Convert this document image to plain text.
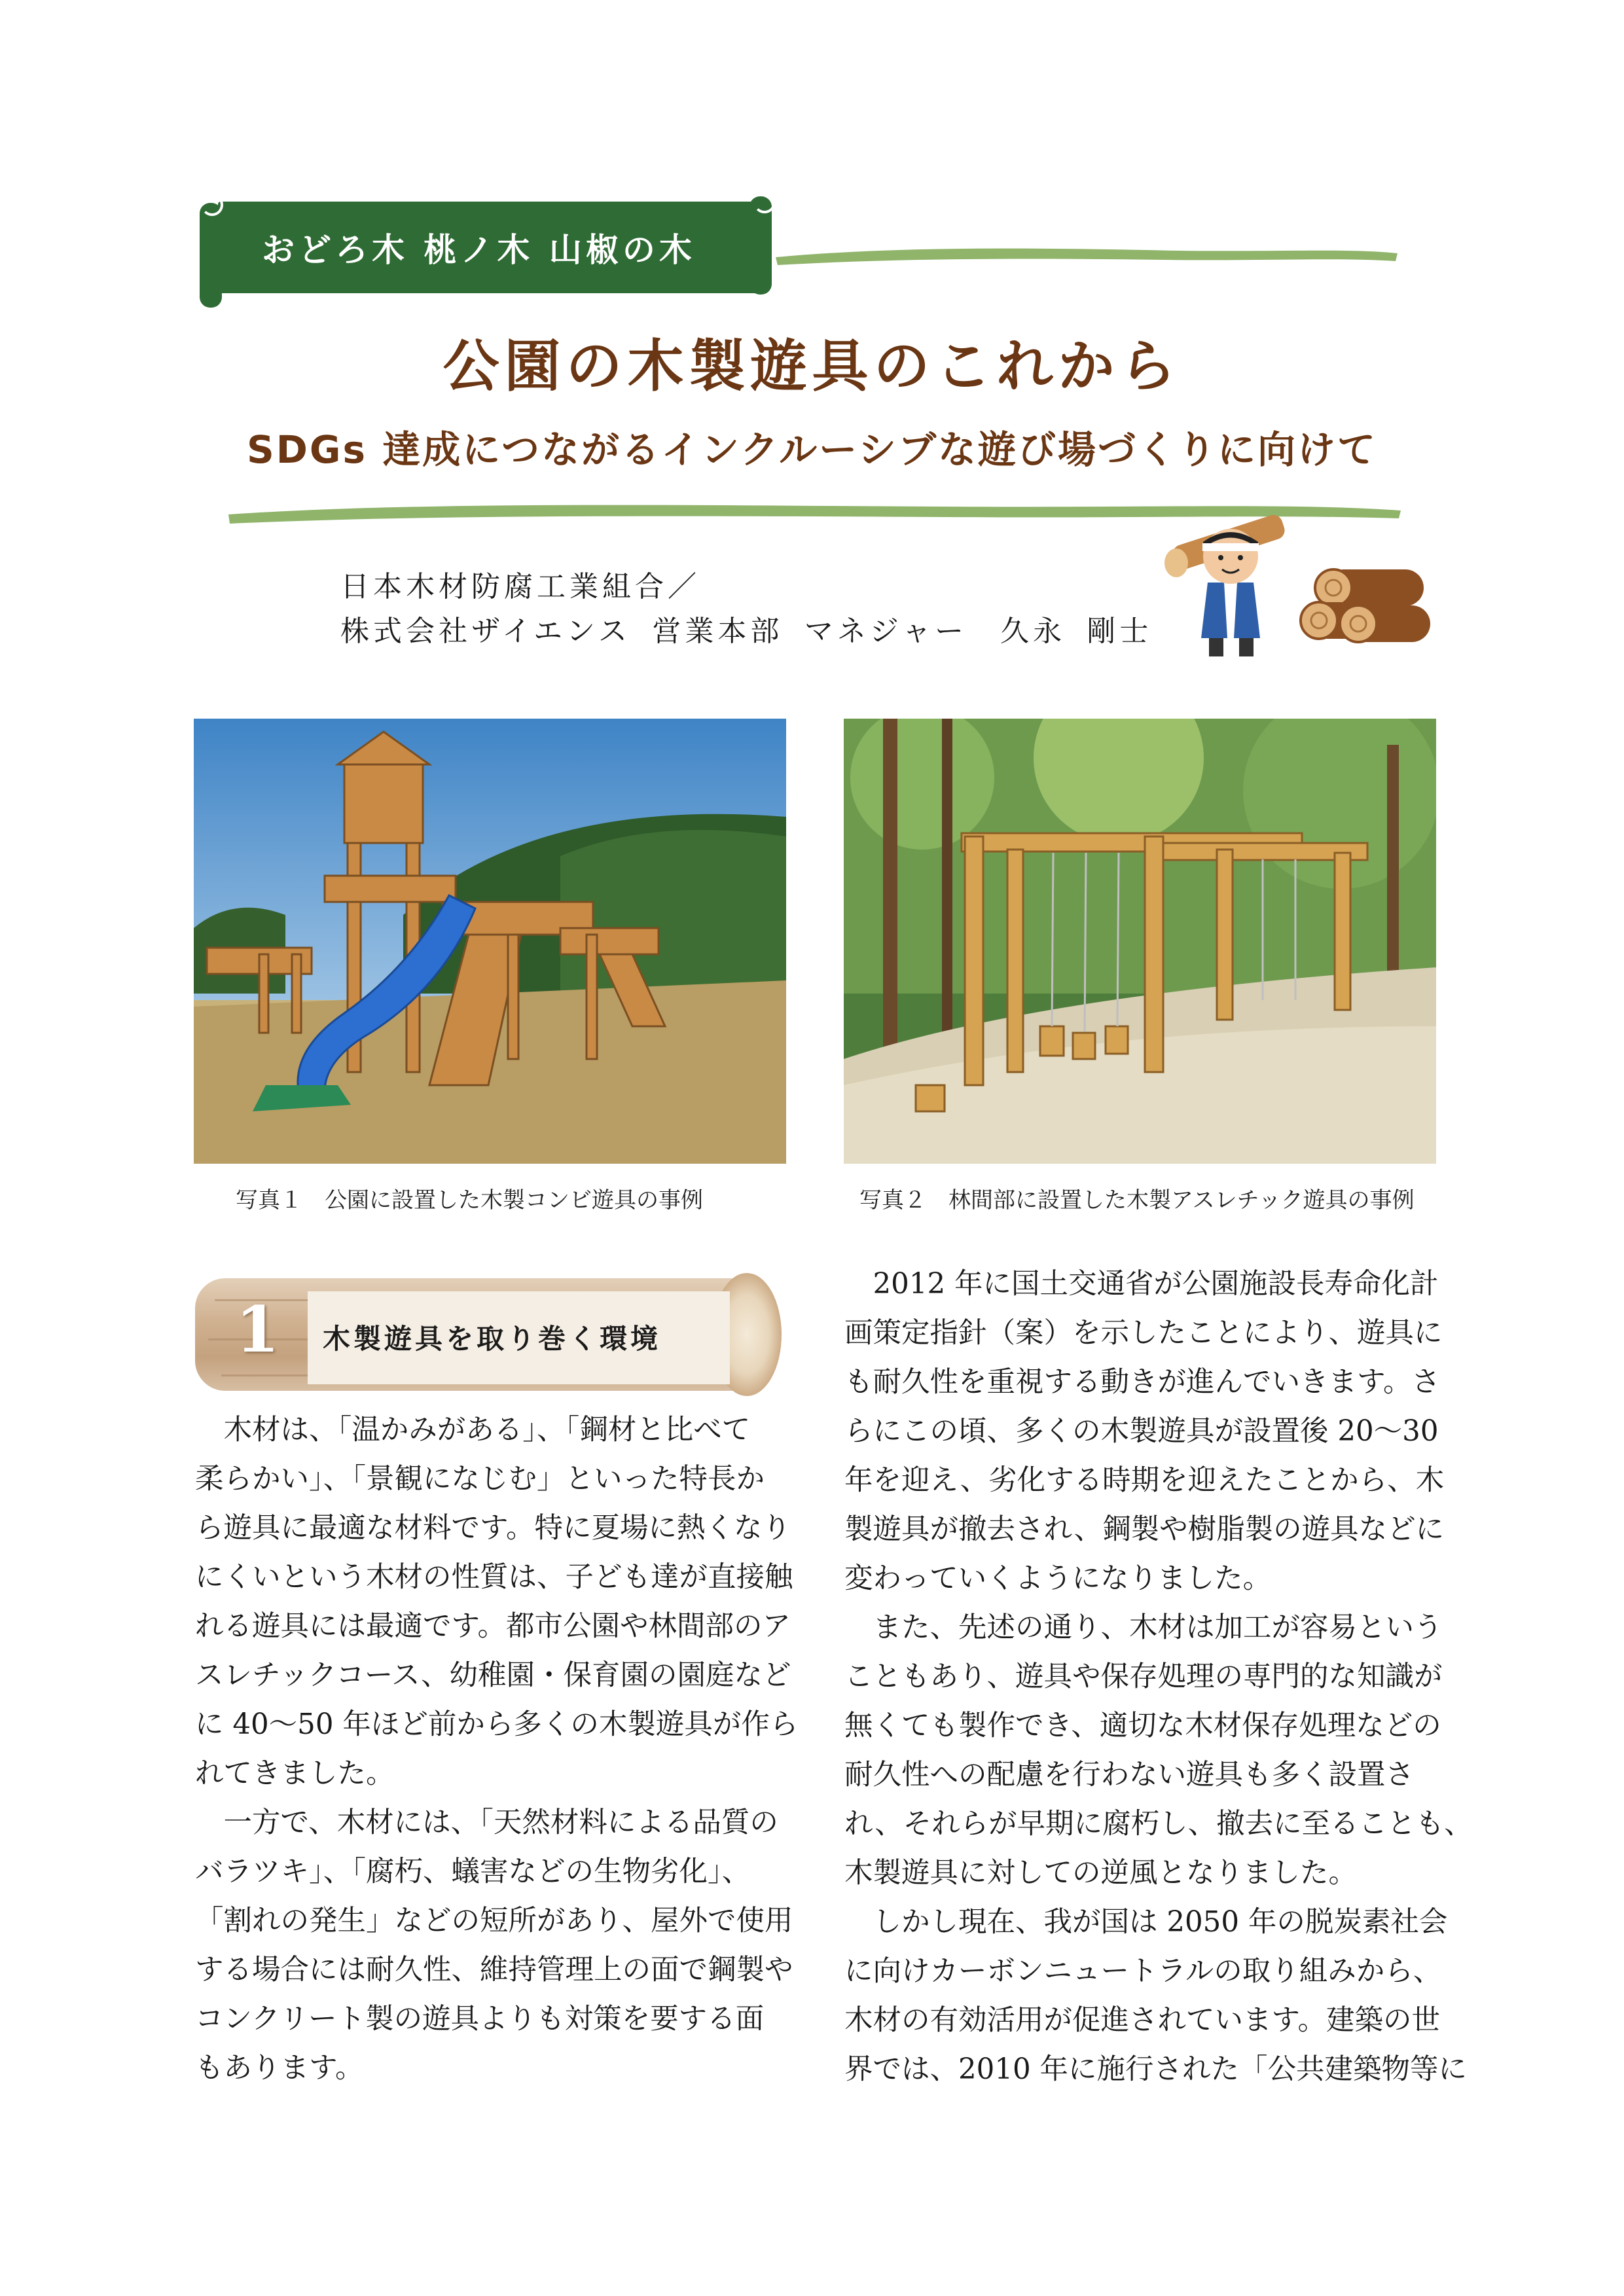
おどろ木 桃ノ木 山椒の木
公園の木製遊具のこれから
SDGs 達成につながるインクルーシブな遊び場づくりに向けて
日本木材防腐工業組合／
株式会社ザイエンス 営業本部 マネジャー　久永 剛士
写真１　公園に設置した木製コンビ遊具の事例	写真２　林間部に設置した木製アスレチック遊具の事例
1 木製遊具を取り巻く環境
　木材は、「温かみがある」、「鋼材と比べて
柔らかい」、「景観になじむ」といった特長か
ら遊具に最適な材料です。特に夏場に熱くなり
にくいという木材の性質は、子ども達が直接触
れる遊具には最適です。都市公園や林間部のア
スレチックコース、幼稚園・保育園の園庭など
に 40〜50 年ほど前から多くの木製遊具が作ら
れてきました。
　一方で、木材には、「天然材料による品質の
バラツキ」、「腐朽、蟻害などの生物劣化」、
「割れの発生」などの短所があり、屋外で使用
する場合には耐久性、維持管理上の面で鋼製や
コンクリート製の遊具よりも対策を要する面
もあります。
　2012 年に国土交通省が公園施設長寿命化計
画策定指針（案）を示したことにより、遊具に
も耐久性を重視する動きが進んでいきます。さ
らにこの頃、多くの木製遊具が設置後 20〜30
年を迎え、劣化する時期を迎えたことから、木
製遊具が撤去され、鋼製や樹脂製の遊具などに
変わっていくようになりました。
　また、先述の通り、木材は加工が容易という
こともあり、遊具や保存処理の専門的な知識が
無くても製作でき、適切な木材保存処理などの
耐久性への配慮を行わない遊具も多く設置さ
れ、それらが早期に腐朽し、撤去に至ることも、
木製遊具に対しての逆風となりました。
　しかし現在、我が国は 2050 年の脱炭素社会
に向けカーボンニュートラルの取り組みから、
木材の有効活用が促進されています。建築の世
界では、2010 年に施行された「公共建築物等に
